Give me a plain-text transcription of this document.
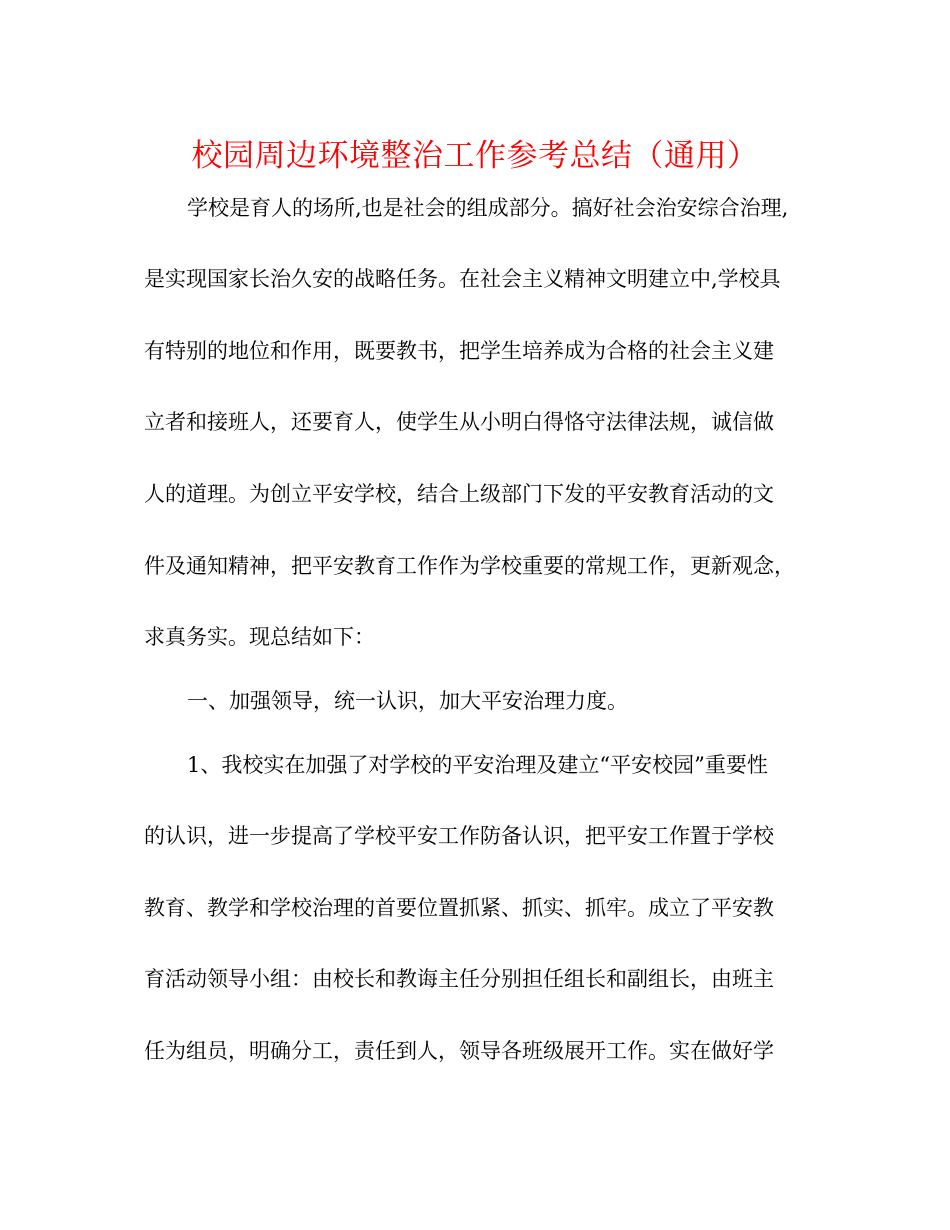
校园周边环境整治工作参考总结（通用）
学校是育人的场所,也是社会的组成部分。搞好社会治安综合治理,
是实现国家长治久安的战略任务。在社会主义精神文明建立中,学校具
有特别的地位和作用，既要教书，把学生培养成为合格的社会主义建
立者和接班人，还要育人，使学生从小明白得恪守法律法规，诚信做
人的道理。为创立平安学校，结合上级部门下发的平安教育活动的文
件及通知精神，把平安教育工作作为学校重要的常规工作，更新观念，
求真务实。现总结如下：
一、加强领导，统一认识，加大平安治理力度。
1、我校实在加强了对学校的平安治理及建立“平安校园”重要性
的认识，进一步提高了学校平安工作防备认识，把平安工作置于学校
教育、教学和学校治理的首要位置抓紧、抓实、抓牢。成立了平安教
育活动领导小组：由校长和教诲主任分别担任组长和副组长，由班主
任为组员，明确分工，责任到人，领导各班级展开工作。实在做好学
